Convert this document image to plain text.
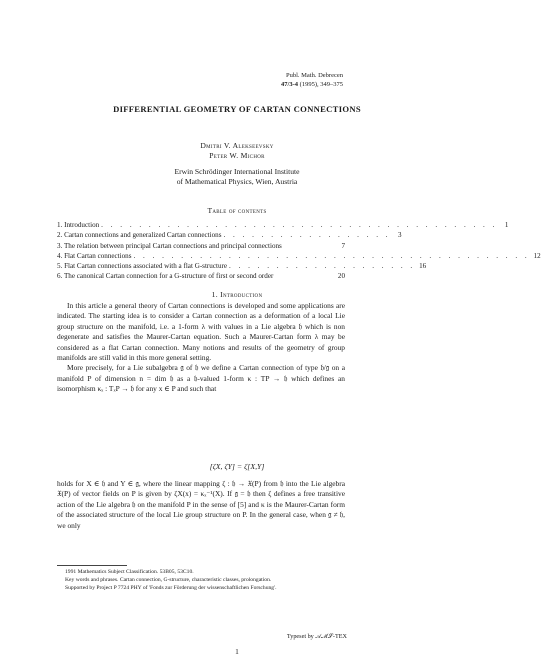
Publ. Math. Debrecen
47/3-4 (1995), 349–375
DIFFERENTIAL GEOMETRY OF CARTAN CONNECTIONS
Dmitri V. Alekseevsky
Peter W. Michor
Erwin Schrödinger International Institute
of Mathematical Physics, Wien, Austria
Table of contents
1. Introduction . . . . . . . . . . . . . . . . . . . . . . . . . . . . . . . . . . . . . . . . . .	1
2. Cartan connections and generalized Cartan connections . . . . . . . . . . . . . . . . . .	3
3. The relation between principal Cartan connections and principal connections	7
4. Flat Cartan connections . . . . . . . . . . . . . . . . . . . . . . . . . . . . . . . . . . . . . . . . . . 12
5. Flat Cartan connections associated with a flat G-structure . . . . . . . . . . . . . . . . . . . . 16
6. The canonical Cartan connection for a G-structure of first or second order	20
1. Introduction

In this article a general theory of Cartan connections is developed and some applications are indicated. The starting idea is to consider a Cartan connection as a deformation of a local Lie group structure on the manifold, i.e. a 1-form λ with values in a Lie algebra 𝔥 which is non degenerate and satisfies the Maurer-Cartan equation. Such a Maurer-Cartan form λ may be considered as a flat Cartan connection. Many notions and results of the geometry of group manifolds are still valid in this more general setting.

More precisely, for a Lie subalgebra 𝔤 of 𝔥 we define a Cartan connection of type 𝔥/𝔤 on a manifold P of dimension n = dim 𝔥 as a 𝔥-valued 1-form κ : TP → 𝔥 which defines an isomorphism κₓ : TₓP → 𝔥 for any x ∈ P and such that

[ζX, ζY] = ζ[X,Y]

holds for X ∈ 𝔥 and Y ∈ 𝔤, where the linear mapping ζ : 𝔥 → 𝔛(P) from 𝔥 into the Lie algebra 𝔛(P) of vector fields on P is given by ζX(x) = κₓ⁻¹(X). If 𝔤 = 𝔥 then ζ defines a free transitive action of the Lie algebra 𝔥 on the manifold P in the sense of [5] and κ is the Maurer-Cartan form of the associated structure of the local Lie group structure on P. In the general case, when 𝔤 ≠ 𝔥, we only

1991 Mathematics Subject Classification. 53B05, 53C10.
Key words and phrases. Cartan connection, G-structure, characteristic classes, prolongation.
Supported by Project P 7724 PHY of 'Fonds zur Förderung der wissenschaftlichen Forschung'.
Typeset by 𝒜ℳ𝒮-TEX
1
